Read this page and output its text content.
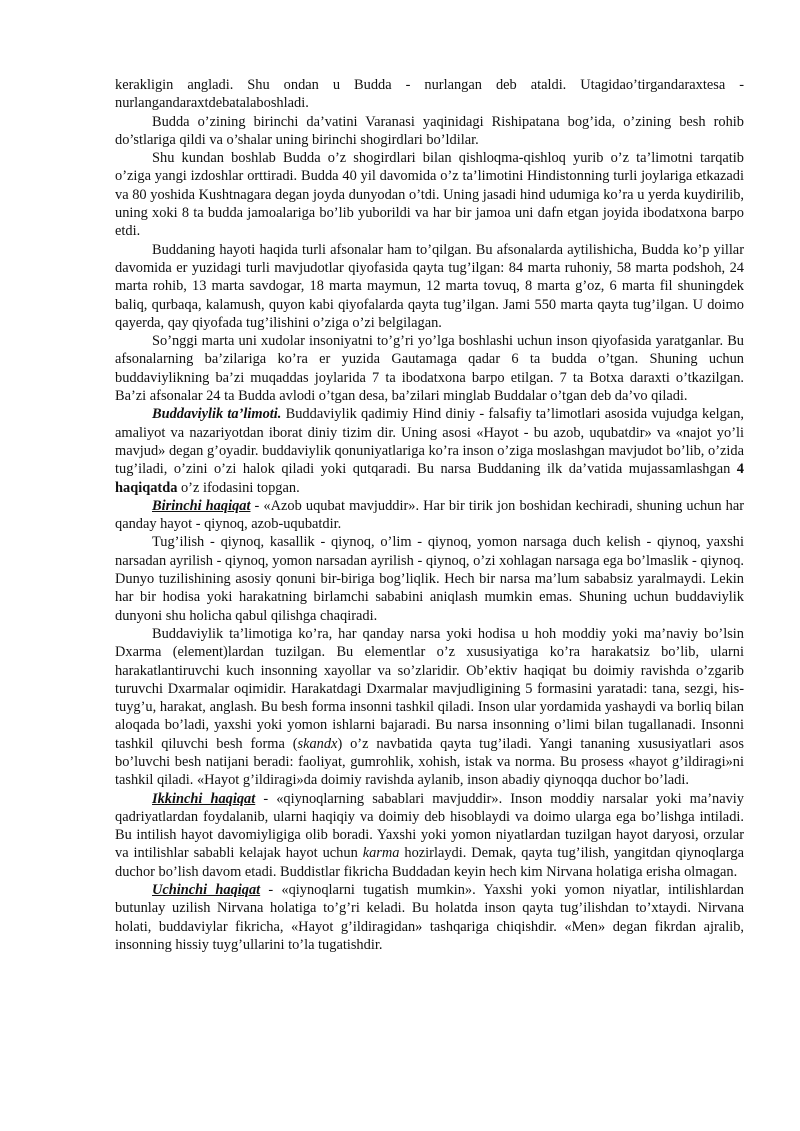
kerakligin angladi. Shu ondan u Budda - nurlangan deb ataldi. Utagidao’tirgandaraxtesa - nurlangandaraxtdebatalaboshladi.

Budda o’zining birinchi da’vatini Varanasi yaqinidagi Rishipatana bog’ida, o’zining besh rohib do’stlariga qildi va o’shalar uning birinchi shogirdlari bo’ldilar.

Shu kundan boshlab Budda o’z shogirdlari bilan qishloqma-qishloq yurib o’z ta’limotni tarqatib o’ziga yangi izdoshlar orttiradi. Budda 40 yil davomida o’z ta’limotini Hindistonning turli joylariga etkazadi va 80 yoshida Kushtnagara degan joyda dunyodan o’tdi. Uning jasadi hind udumiga ko’ra u yerda kuydirilib, uning xoki 8 ta budda jamoalariga bo’lib yuborildi va har bir jamoa uni dafn etgan joyida ibodatxona barpo etdi.

Buddaning hayoti haqida turli afsonalar ham to’qilgan. Bu afsonalarda aytilishicha, Budda ko’p yillar davomida er yuzidagi turli mavjudotlar qiyofasida qayta tug’ilgan: 84 marta ruhoniy, 58 marta podshoh, 24 marta rohib, 13 marta savdogar, 18 marta maymun, 12 marta tovuq, 8 marta g’oz, 6 marta fil shuningdek baliq, qurbaqa, kalamush, quyon kabi qiyofalarda qayta tug’ilgan. Jami 550 marta qayta tug’ilgan. U doimo qayerda, qay qiyofada tug’ilishini o’ziga o’zi belgilagan.

So’nggi marta uni xudolar insoniyatni to’g’ri yo’lga boshlashi uchun inson qiyofasida yaratganlar. Bu afsonalarning ba’zilariga ko’ra er yuzida Gautamaga qadar 6 ta budda o’tgan. Shuning uchun buddaviylikning ba’zi muqaddas joylarida 7 ta ibodatxona barpo etilgan. 7 ta Botxa daraxti o’tkazilgan. Ba’zi afsonalar 24 ta Budda avlodi o’tgan desa, ba’zilari minglab Buddalar o’tgan deb da’vo qiladi.

Buddaviylik ta’limoti. Buddaviylik qadimiy Hind diniy - falsafiy ta’limotlari asosida vujudga kelgan, amaliyot va nazariyotdan iborat diniy tizim dir. Uning asosi «Hayot - bu azob, uqubatdir» va «najot yo’li mavjud» degan g’oyadir. buddaviylik qonuniyatlariga ko’ra inson o’ziga moslashgan mavjudot bo’lib, o’zida tug’iladi, o’zini o’zi halok qiladi yoki qutqaradi. Bu narsa Buddaning ilk da’vatida mujassamlashgan 4 haqiqatda o’z ifodasini topgan.

Birinchi haqiqat - «Azob uqubat mavjuddir». Har bir tirik jon boshidan kechiradi, shuning uchun har qanday hayot - qiynoq, azob-uqubatdir.

Tug’ilish - qiynoq, kasallik - qiynoq, o’lim - qiynoq, yomon narsaga duch kelish - qiynoq, yaxshi narsadan ayrilish - qiynoq, yomon narsadan ayrilish - qiynoq, o’zi xohlagan narsaga ega bo’lmaslik - qiynoq. Dunyo tuzilishining asosiy qonuni bir-biriga bog’liqlik. Hech bir narsa ma’lum sababsiz yaralmaydi. Lekin har bir hodisa yoki harakatning birlamchi sababini aniqlash mumkin emas. Shuning uchun buddaviylik dunyoni shu holicha qabul qilishga chaqiradi.

Buddaviylik ta’limotiga ko’ra, har qanday narsa yoki hodisa u hoh moddiy yoki ma’naviy bo’lsin Dxarma (element)lardan tuzilgan. Bu elementlar o’z xususiyatiga ko’ra harakatsiz bo’lib, ularni harakatlantiruvchi kuch insonning xayollar va so’zlaridir. Ob’ektiv haqiqat bu doimiy ravishda o’zgarib turuvchi Dxarmalar oqimidir. Harakatdagi Dxarmalar mavjudligining 5 formasini yaratadi: tana, sezgi, his-tuyg’u, harakat, anglash. Bu besh forma insonni tashkil qiladi. Inson ular yordamida yashaydi va borliq bilan aloqada bo’ladi, yaxshi yoki yomon ishlarni bajaradi. Bu narsa insonning o’limi bilan tugallanadi. Insonni tashkil qiluvchi besh forma (skandx) o’z navbatida qayta tug’iladi. Yangi tananing xususiyatlari asos bo’luvchi besh natijani beradi: faoliyat, gumrohlik, xohish, istak va norma. Bu prosess «hayot g’ildiragi»ni tashkil qiladi. «Hayot g’ildiragi»da doimiy ravishda aylanib, inson abadiy qiynoqqa duchor bo’ladi.

Ikkinchi haqiqat - «qiynoqlarning sabablari mavjuddir». Inson moddiy narsalar yoki ma’naviy qadriyatlardan foydalanib, ularni haqiqiy va doimiy deb hisoblaydi va doimo ularga ega bo’lishga intiladi. Bu intilish hayot davomiyligiga olib boradi. Yaxshi yoki yomon niyatlardan tuzilgan hayot daryosi, orzular va intilishlar sababli kelajak hayot uchun karma hozirlaydi. Demak, qayta tug’ilish, yangitdan qiynoqlarga duchor bo’lish davom etadi. Buddistlar fikricha Buddadan keyin hech kim Nirvana holatiga erisha olmagan.

Uchinchi haqiqat - «qiynoqlarni tugatish mumkin». Yaxshi yoki yomon niyatlar, intilishlardan butunlay uzilish Nirvana holatiga to’g’ri keladi. Bu holatda inson qayta tug’ilishdan to’xtaydi. Nirvana holati, buddaviylar fikricha, «Hayot g’ildiragidan» tashqariga chiqishdir. «Men» degan fikrdan ajralib, insonning hissiy tuyg’ullarini to’la tugatishdir.
